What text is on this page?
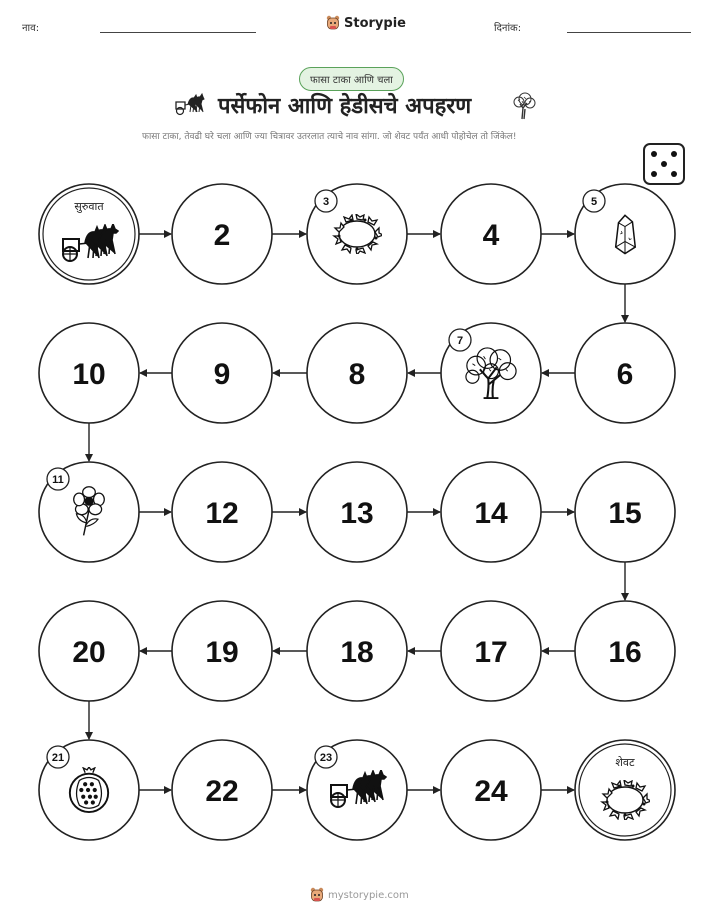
नाव:	Storypie	दिनांक:
फासा टाका आणि चला
पर्सेफोन आणि हेडीसचे अपहरण
फासा टाका, तेवढी घरे चला आणि ज्या चित्रावर उतरलात त्याचे नाव सांगा. जो शेवट पर्यंत आधी पोहोचेल तो जिंकेल!
सुरुवात
2
3
4
5
6
7
8
9
10
11
12	13	14	15
16
17
18
19
20
21
22
23
24
शेवट
mystorypie.com
